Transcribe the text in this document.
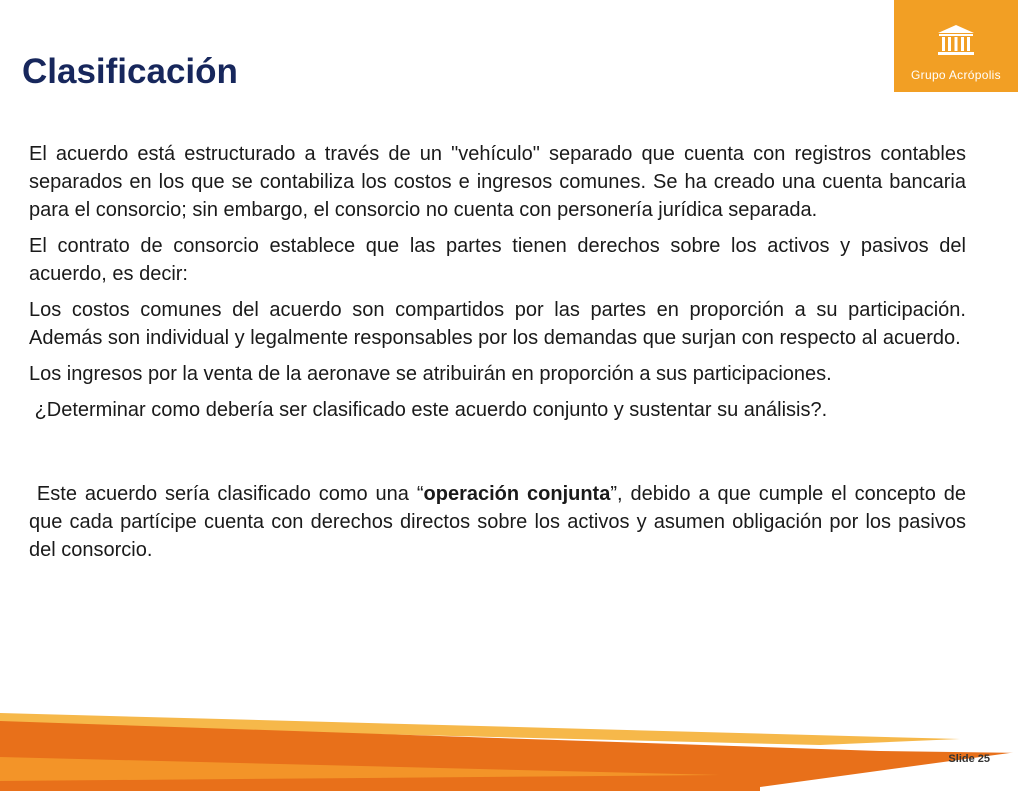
Clasificación	Grupo Acrópolis

El acuerdo está estructurado a través de un "vehículo" separado que cuenta con registros contables separados en los que se contabiliza los costos e ingresos comunes. Se ha creado una cuenta bancaria para el consorcio; sin embargo, el consorcio no cuenta con personería jurídica separada.

El contrato de consorcio establece que las partes tienen derechos sobre los activos y pasivos del acuerdo, es decir:

Los costos comunes del acuerdo son compartidos por las partes en proporción a su participación. Además son individual y legalmente responsables por los demandas que surjan con respecto al acuerdo.

Los ingresos por la venta de la aeronave se atribuirán en proporción a sus participaciones.

¿Determinar como debería ser clasificado este acuerdo conjunto y sustentar su análisis?.

Este acuerdo sería clasificado como una “operación conjunta”, debido a que cumple el concepto de que cada partícipe cuenta con derechos directos sobre los activos y asumen obligación por los pasivos del consorcio.

Slide 25
